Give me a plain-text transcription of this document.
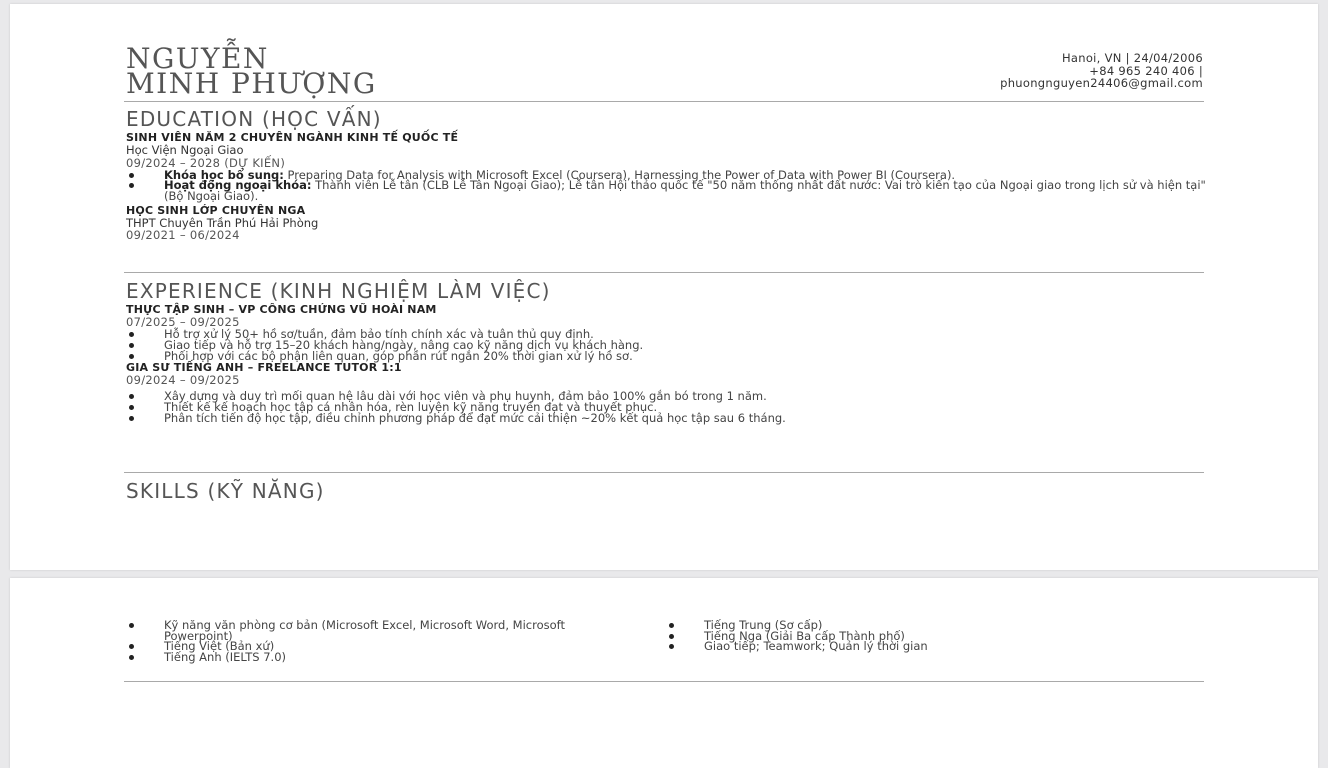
NGUYỄN
MINH PHƯỢNG
Hanoi, VN | 24/04/2006
+84 965 240 406 |
phuongnguyen24406@gmail.com
EDUCATION (HỌC VẤN)
SINH VIÊN NĂM 2 CHUYÊN NGÀNH KINH TẾ QUỐC TẾ
Học Viện Ngoại Giao
09/2024 – 2028 (DỰ KIẾN)
Khóa học bổ sung: Preparing Data for Analysis with Microsoft Excel (Coursera), Harnessing the Power of Data with Power BI (Coursera).
Hoạt động ngoại khóa: Thành viên Lễ tân (CLB Lễ Tân Ngoại Giao); Lễ tân Hội thảo quốc tế "50 năm thống nhất đất nước: Vai trò kiến tạo của Ngoại giao trong lịch sử và hiện tại" (Bộ Ngoại Giao).
HỌC SINH LỚP CHUYÊN NGA
THPT Chuyên Trần Phú Hải Phòng
09/2021 – 06/2024
EXPERIENCE (KINH NGHIỆM LÀM VIỆC)
THỰC TẬP SINH – VP CÔNG CHỨNG VŨ HOÀI NAM
07/2025 – 09/2025
Hỗ trợ xử lý 50+ hồ sơ/tuần, đảm bảo tính chính xác và tuân thủ quy định.
Giao tiếp và hỗ trợ 15–20 khách hàng/ngày, nâng cao kỹ năng dịch vụ khách hàng.
Phối hợp với các bộ phận liên quan, góp phần rút ngắn 20% thời gian xử lý hồ sơ.
GIA SƯ TIẾNG ANH – FREELANCE TUTOR 1:1
09/2024 – 09/2025
Xây dựng và duy trì mối quan hệ lâu dài với học viên và phụ huynh, đảm bảo 100% gắn bó trong 1 năm.
Thiết kế kế hoạch học tập cá nhân hóa, rèn luyện kỹ năng truyền đạt và thuyết phục.
Phân tích tiến độ học tập, điều chỉnh phương pháp để đạt mức cải thiện ~20% kết quả học tập sau 6 tháng.
SKILLS (KỸ NĂNG)
Kỹ năng văn phòng cơ bản (Microsoft Excel, Microsoft Word, Microsoft Powerpoint)
Tiếng Việt (Bản xứ)
Tiếng Anh (IELTS 7.0)
Tiếng Trung (Sơ cấp)
Tiếng Nga (Giải Ba cấp Thành phố)
Giao tiếp; Teamwork; Quản lý thời gian
